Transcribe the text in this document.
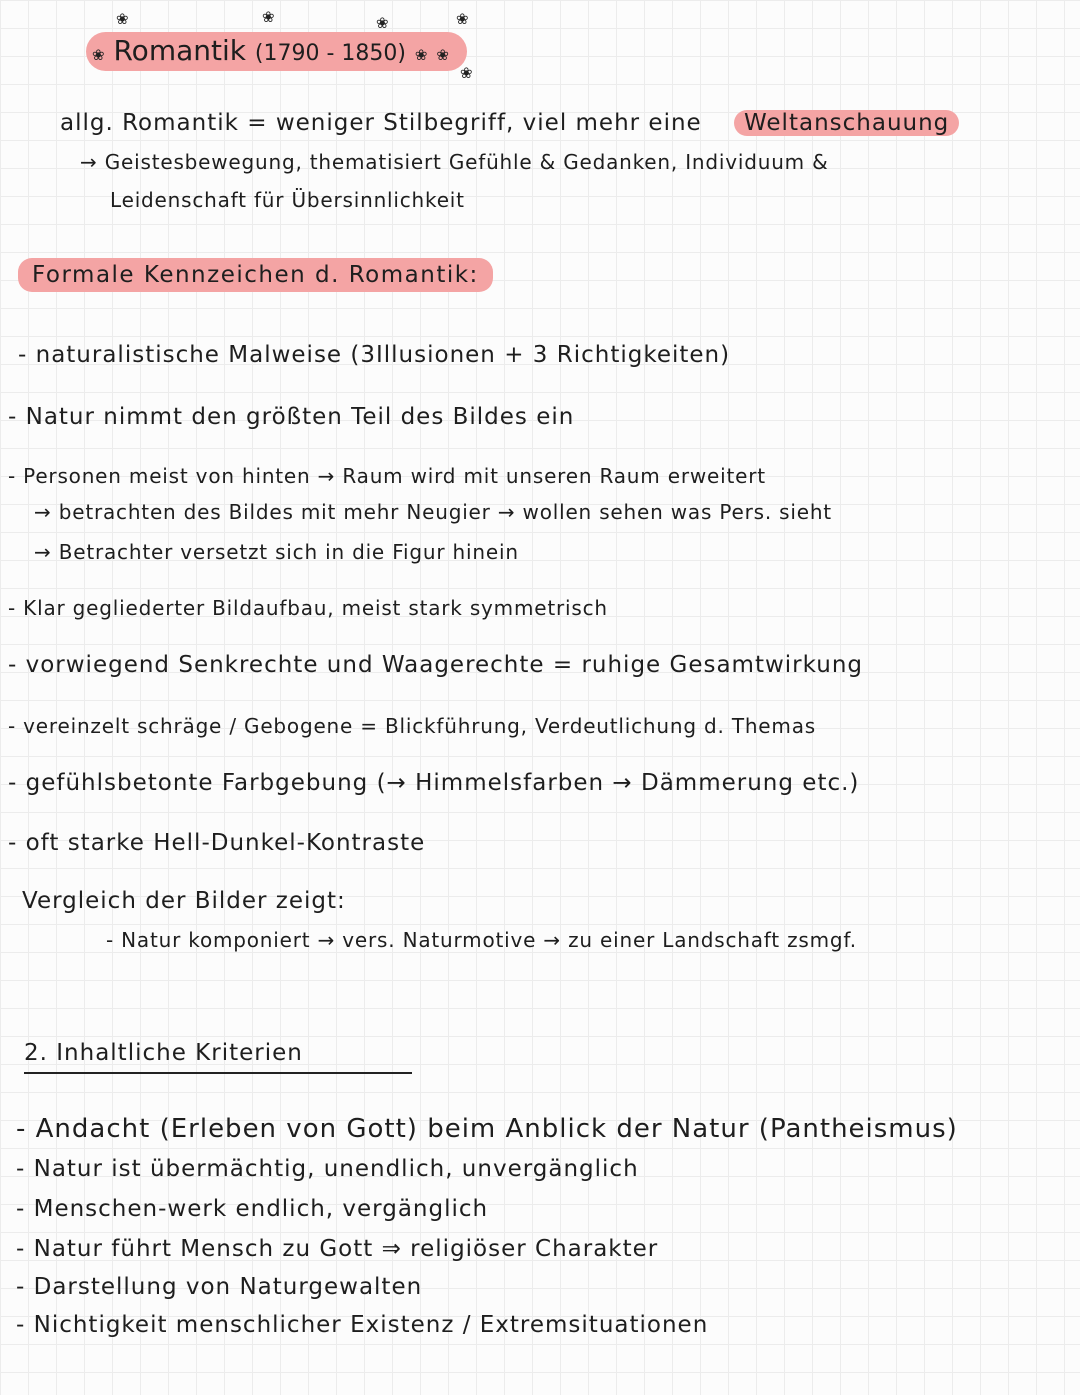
❀	❀	❀	❀
❀
❀ Romantik (1790 - 1850) ❀ ❀
allg. Romantik = weniger Stilbegriff, viel mehr eine Weltanschauung
→ Geistesbewegung, thematisiert Gefühle & Gedanken, Individuum &
Leidenschaft für Übersinnlichkeit
Formale Kennzeichen d. Romantik:
- naturalistische Malweise (3Illusionen + 3 Richtigkeiten)
- Natur nimmt den größten Teil des Bildes ein
- Personen meist von hinten → Raum wird mit unseren Raum erweitert
→ betrachten des Bildes mit mehr Neugier → wollen sehen was Pers. sieht
→ Betrachter versetzt sich in die Figur hinein
- Klar gegliederter Bildaufbau, meist stark symmetrisch
- vorwiegend Senkrechte und Waagerechte = ruhige Gesamtwirkung
- vereinzelt schräge / Gebogene = Blickführung, Verdeutlichung d. Themas
- gefühlsbetonte Farbgebung (→ Himmelsfarben → Dämmerung etc.)
- oft starke Hell-Dunkel-Kontraste
Vergleich der Bilder zeigt:
- Natur komponiert → vers. Naturmotive → zu einer Landschaft zsmgf.
2. Inhaltliche Kriterien
- Andacht (Erleben von Gott) beim Anblick der Natur (Pantheismus)
- Natur ist übermächtig, unendlich, unvergänglich
- Menschen-werk endlich, vergänglich
- Natur führt Mensch zu Gott ⇒ religiöser Charakter
- Darstellung von Naturgewalten
- Nichtigkeit menschlicher Existenz / Extremsituationen
